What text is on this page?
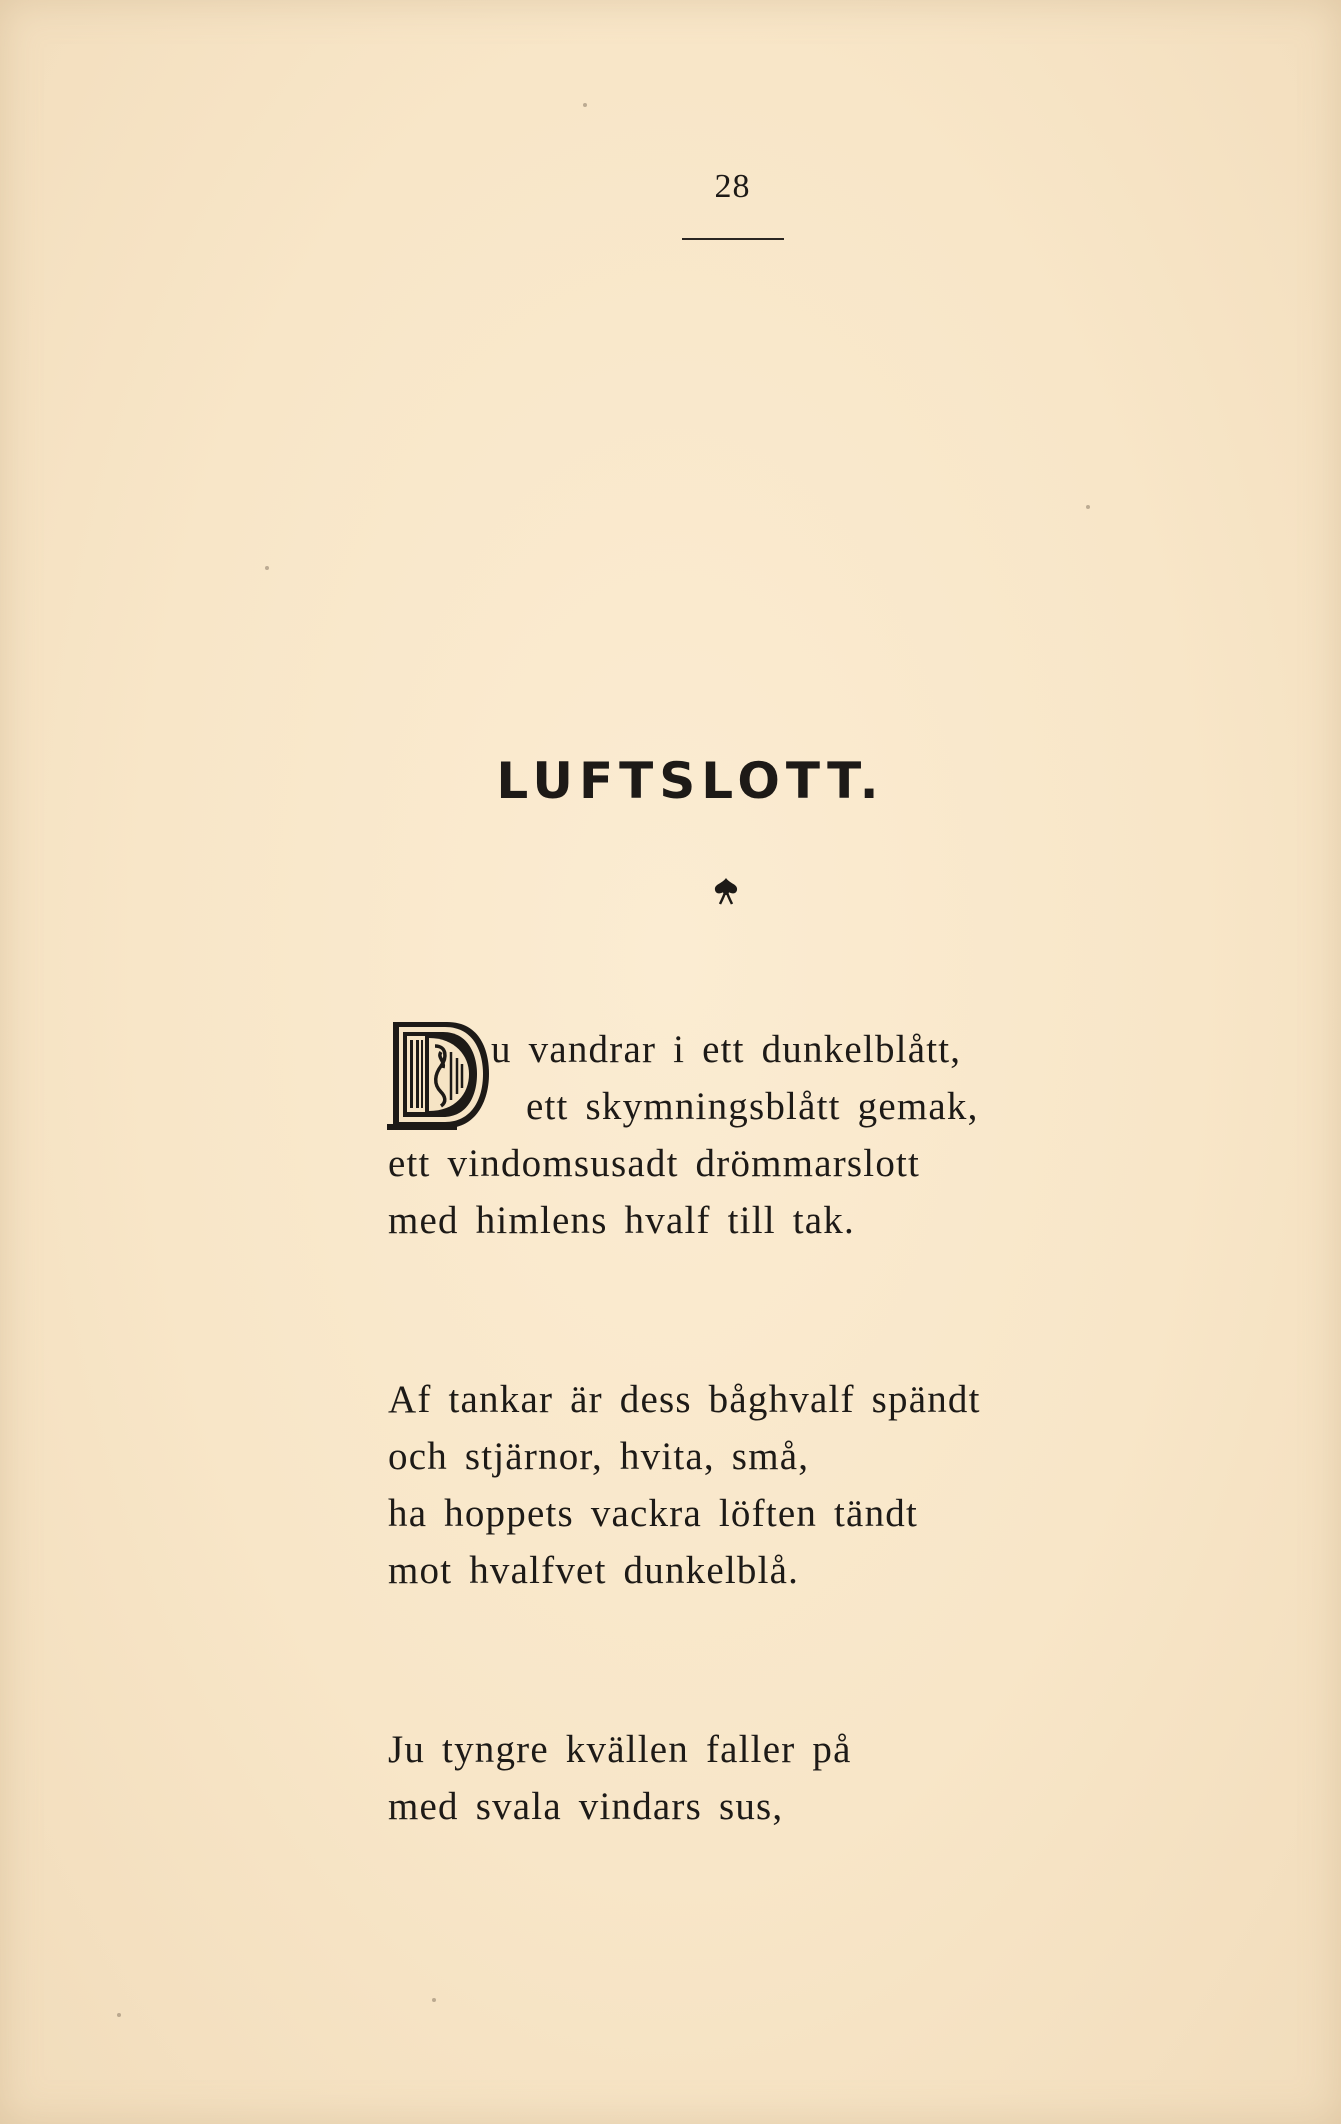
28
LUFTSLOTT.
u vandrar i ett dunkelblått,
ett skymningsblått gemak,
ett vindomsusadt drömmarslott
med himlens hvalf till tak.
Af tankar är dess båghvalf spändt
och stjärnor, hvita, små,
ha hoppets vackra löften tändt
mot hvalfvet dunkelblå.
Ju tyngre kvällen faller på
med svala vindars sus,
